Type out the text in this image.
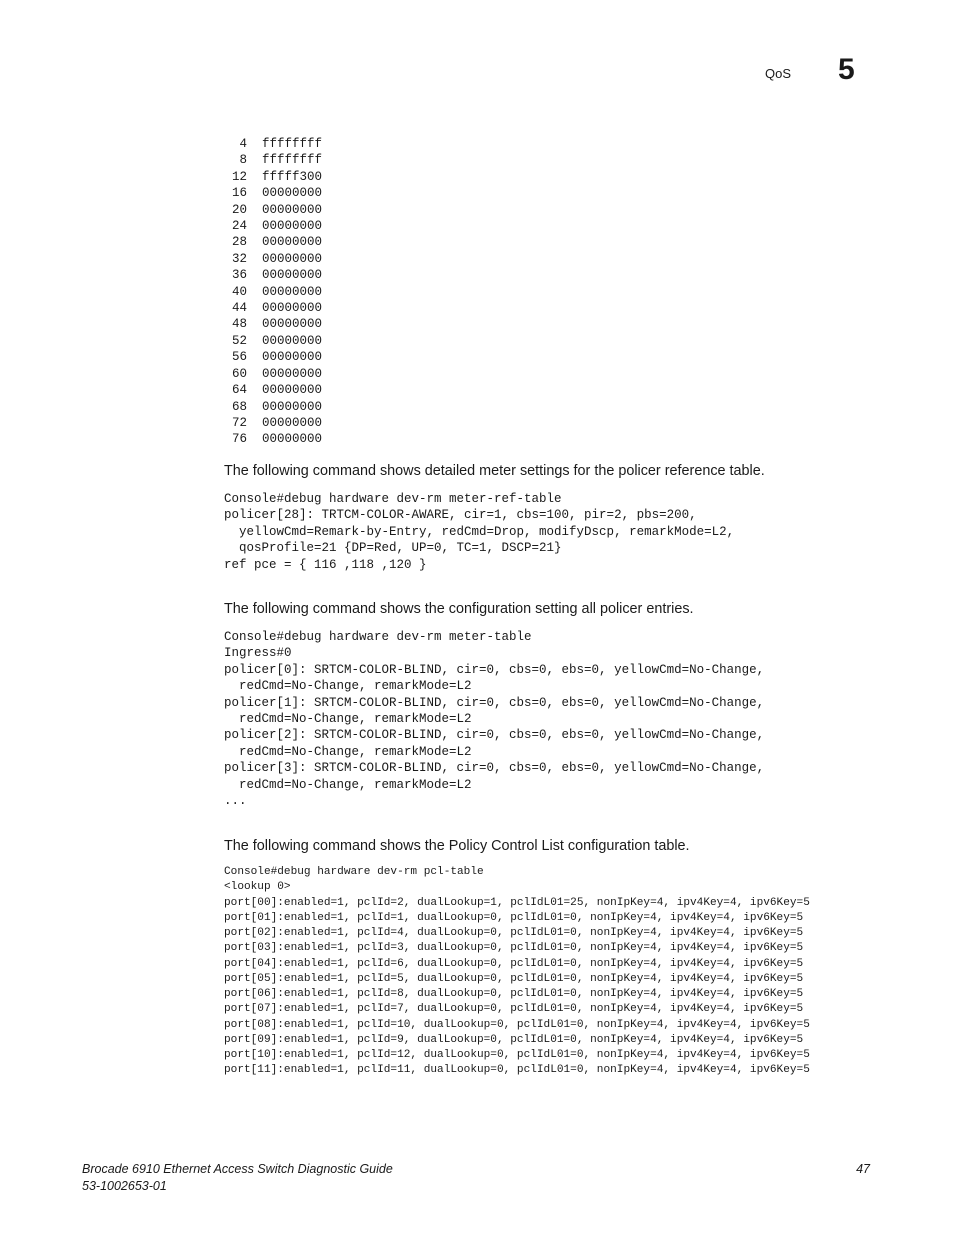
QoS 5
4  ffffffff
8  ffffffff
12  fffff300
16  00000000
20  00000000
24  00000000
28  00000000
32  00000000
36  00000000
40  00000000
44  00000000
48  00000000
52  00000000
56  00000000
60  00000000
64  00000000
68  00000000
72  00000000
76  00000000

The following command shows detailed meter settings for the policer reference table.
Console#debug hardware dev-rm meter-ref-table
policer[28]: TRTCM-COLOR-AWARE, cir=1, cbs=100, pir=2, pbs=200,
yellowCmd=Remark-by-Entry, redCmd=Drop, modifyDscp, remarkMode=L2,
qosProfile=21 {DP=Red, UP=0, TC=1, DSCP=21}
ref pce = { 116 ,118 ,120 }

The following command shows the configuration setting all policer entries.
Console#debug hardware dev-rm meter-table
Ingress#0
policer[0]: SRTCM-COLOR-BLIND, cir=0, cbs=0, ebs=0, yellowCmd=No-Change,
redCmd=No-Change, remarkMode=L2
policer[1]: SRTCM-COLOR-BLIND, cir=0, cbs=0, ebs=0, yellowCmd=No-Change,
redCmd=No-Change, remarkMode=L2
policer[2]: SRTCM-COLOR-BLIND, cir=0, cbs=0, ebs=0, yellowCmd=No-Change,
redCmd=No-Change, remarkMode=L2
policer[3]: SRTCM-COLOR-BLIND, cir=0, cbs=0, ebs=0, yellowCmd=No-Change,
redCmd=No-Change, remarkMode=L2
...

The following command shows the Policy Control List configuration table.
Console#debug hardware dev-rm pcl-table
<lookup 0>
port[00]:enabled=1, pclId=2, dualLookup=1, pclIdL01=25, nonIpKey=4, ipv4Key=4, ipv6Key=5
port[01]:enabled=1, pclId=1, dualLookup=0, pclIdL01=0, nonIpKey=4, ipv4Key=4, ipv6Key=5
port[02]:enabled=1, pclId=4, dualLookup=0, pclIdL01=0, nonIpKey=4, ipv4Key=4, ipv6Key=5
port[03]:enabled=1, pclId=3, dualLookup=0, pclIdL01=0, nonIpKey=4, ipv4Key=4, ipv6Key=5
port[04]:enabled=1, pclId=6, dualLookup=0, pclIdL01=0, nonIpKey=4, ipv4Key=4, ipv6Key=5
port[05]:enabled=1, pclId=5, dualLookup=0, pclIdL01=0, nonIpKey=4, ipv4Key=4, ipv6Key=5
port[06]:enabled=1, pclId=8, dualLookup=0, pclIdL01=0, nonIpKey=4, ipv4Key=4, ipv6Key=5
port[07]:enabled=1, pclId=7, dualLookup=0, pclIdL01=0, nonIpKey=4, ipv4Key=4, ipv6Key=5
port[08]:enabled=1, pclId=10, dualLookup=0, pclIdL01=0, nonIpKey=4, ipv4Key=4, ipv6Key=5
port[09]:enabled=1, pclId=9, dualLookup=0, pclIdL01=0, nonIpKey=4, ipv4Key=4, ipv6Key=5
port[10]:enabled=1, pclId=12, dualLookup=0, pclIdL01=0, nonIpKey=4, ipv4Key=4, ipv6Key=5
port[11]:enabled=1, pclId=11, dualLookup=0, pclIdL01=0, nonIpKey=4, ipv4Key=4, ipv6Key=5

Brocade 6910 Ethernet Access Switch Diagnostic Guide
53-1002653-01
47
